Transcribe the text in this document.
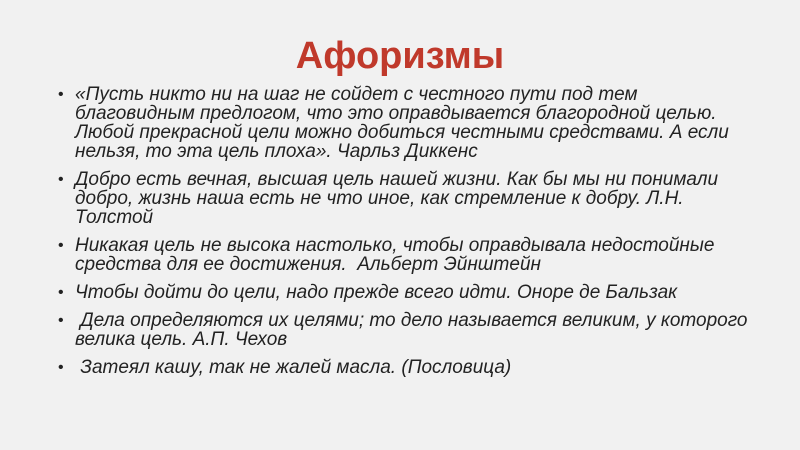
Афоризмы
• «Пусть никто ни на шаг не сойдет с честного пути под тем благовидным предлогом, что это оправдывается благородной целью. Любой прекрасной цели можно добиться честными средствами. А если нельзя, то эта цель плоха». Чарльз Диккенс
• Добро есть вечная, высшая цель нашей жизни. Как бы мы ни понимали добро, жизнь наша есть не что иное, как стремление к добру. Л.Н. Толстой
• Никакая цель не высока настолько, чтобы оправдывала недостойные средства для ее достижения.  Альберт Эйнштейн
• Чтобы дойти до цели, надо прежде всего идти. Оноре де Бальзак
• Дела определяются их целями; то дело называется великим, у которого велика цель. А.П. Чехов
• Затеял кашу, так не жалей масла. (Пословица)
